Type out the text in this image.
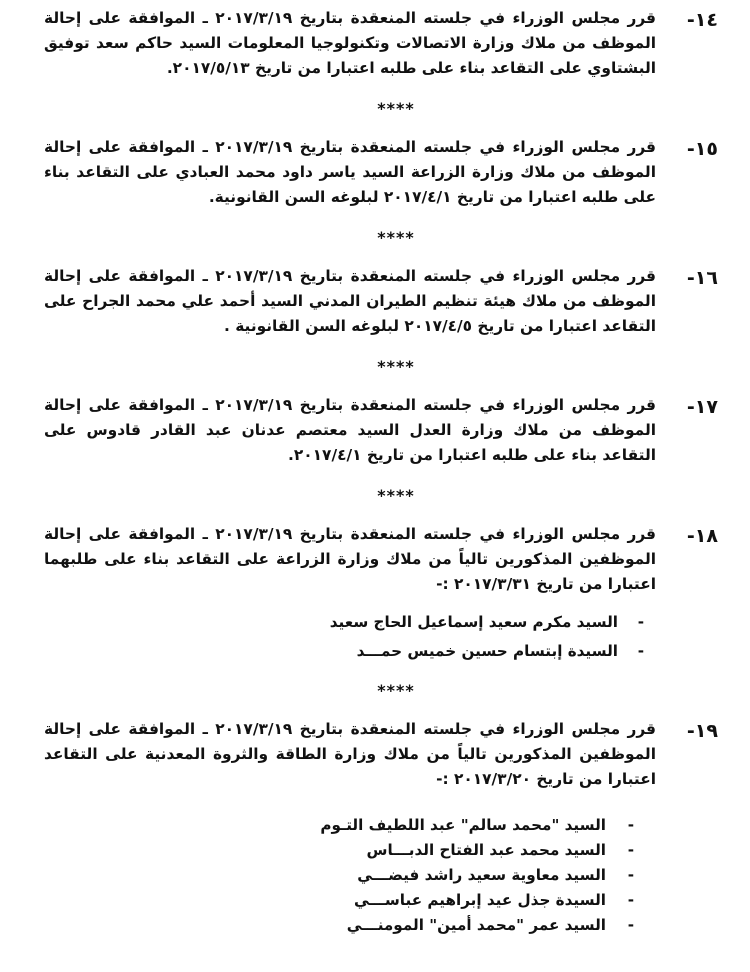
١٤-

قرر مجلس الوزراء في جلسته المنعقدة بتاريخ ٢٠١٧/٣/١٩ ـ الموافقة على إحالة الموظف من ملاك وزارة الاتصالات وتكنولوجيا المعلومات السيد حاكم سعد توفيق البشتاوي على التقاعد بناء على طلبه اعتبارا من تاريخ ٢٠١٧/٥/١٣.

****
١٥-

قرر مجلس الوزراء في جلسته المنعقدة بتاريخ ٢٠١٧/٣/١٩ ـ الموافقة على إحالة الموظف من ملاك وزارة الزراعة السيد ياسر داود محمد العبادي على التقاعد بناء على طلبه اعتبارا من تاريخ ٢٠١٧/٤/١ لبلوغه السن القانونية.

****
١٦-

قرر مجلس الوزراء في جلسته المنعقدة بتاريخ ٢٠١٧/٣/١٩ ـ الموافقة على إحالة الموظف من ملاك هيئة تنظيم الطيران المدني السيد أحمد علي محمد الجراح على التقاعد اعتبارا من تاريخ ٢٠١٧/٤/٥ لبلوغه السن القانونية .

****
١٧-

قرر مجلس الوزراء في جلسته المنعقدة بتاريخ ٢٠١٧/٣/١٩ ـ الموافقة على إحالة الموظف من ملاك وزارة العدل السيد معتصم عدنان عبد القادر قادوس على التقاعد بناء على طلبه اعتبارا من تاريخ ٢٠١٧/٤/١.

****
١٨-

قرر مجلس الوزراء في جلسته المنعقدة بتاريخ ٢٠١٧/٣/١٩ ـ الموافقة على إحالة الموظفين المذكورين تالياً من ملاك وزارة الزراعة على التقاعد بناء على طلبهما اعتبارا من تاريخ ٢٠١٧/٣/٣١ :-

-
السيد مكرم سعيد إسماعيل الحاج سعيد
-
السيدة إبتسام حسين خميس حمـــد
****
١٩-

قرر مجلس الوزراء في جلسته المنعقدة بتاريخ ٢٠١٧/٣/١٩ ـ الموافقة على إحالة الموظفين المذكورين تالياً من ملاك وزارة الطاقة والثروة المعدنية على التقاعد اعتبارا من تاريخ ٢٠١٧/٣/٢٠ :-

-
السيد "محمد سالم" عبد اللطيف التـوم
-
السيد محمد عبد الفتاح الدبـــاس
-
السيد معاوية سعيد راشد فيضـــي
-
السيدة جذل عيد إبراهيم عباســـي
-
السيد عمر "محمد أمين" المومنـــي
